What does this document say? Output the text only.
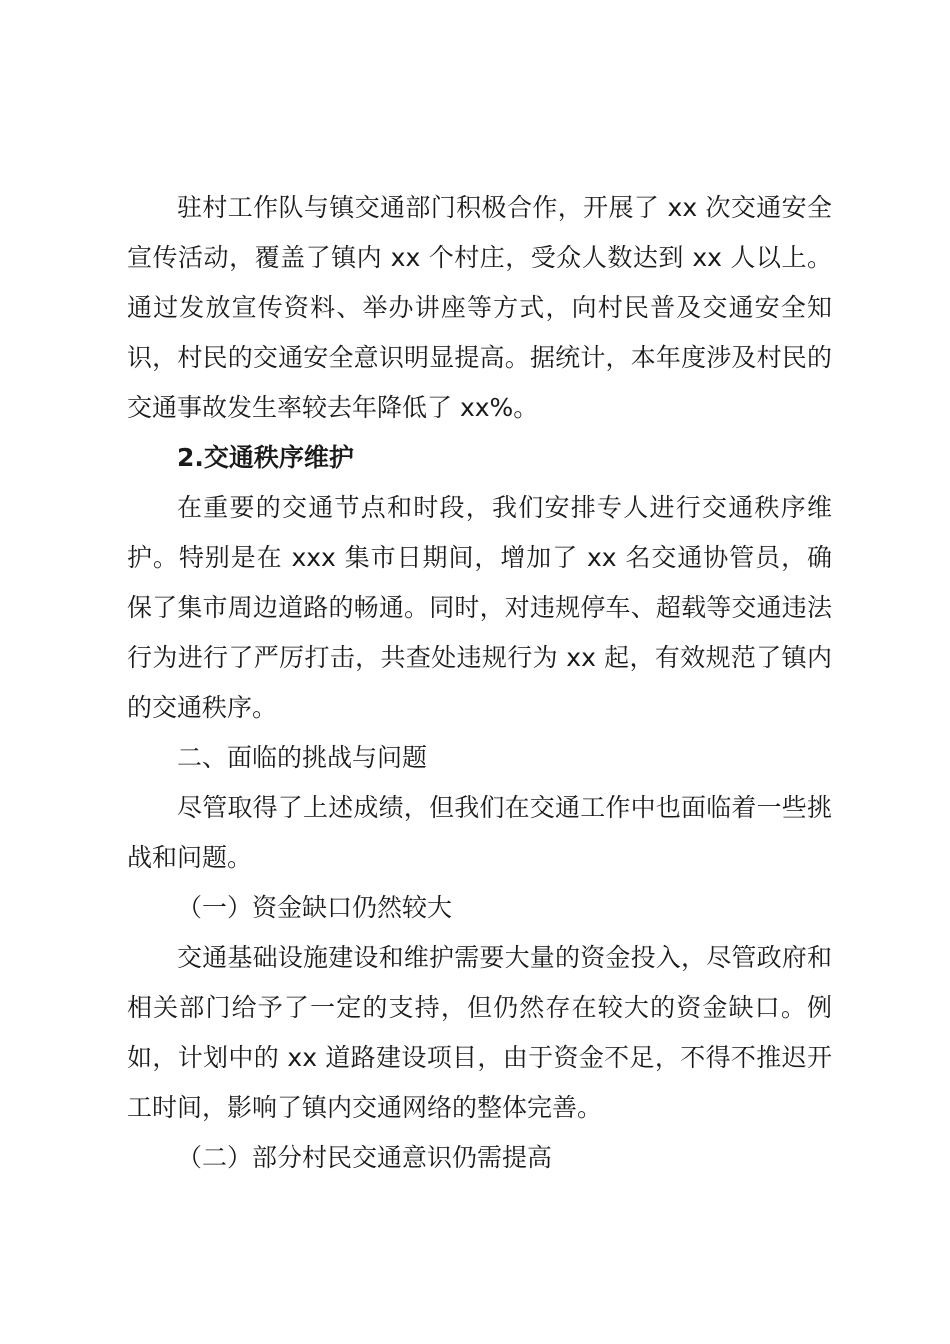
驻村工作队与镇交通部门积极合作，开展了 xx 次交通安全宣传活动，覆盖了镇内 xx 个村庄，受众人数达到 xx 人以上。通过发放宣传资料、举办讲座等方式，向村民普及交通安全知识，村民的交通安全意识明显提高。据统计，本年度涉及村民的交通事故发生率较去年降低了 xx%。

2.交通秩序维护

在重要的交通节点和时段，我们安排专人进行交通秩序维护。特别是在 xxx 集市日期间，增加了 xx 名交通协管员，确保了集市周边道路的畅通。同时，对违规停车、超载等交通违法行为进行了严厉打击，共查处违规行为 xx 起，有效规范了镇内的交通秩序。

二、面临的挑战与问题

尽管取得了上述成绩，但我们在交通工作中也面临着一些挑战和问题。

（一）资金缺口仍然较大

交通基础设施建设和维护需要大量的资金投入，尽管政府和相关部门给予了一定的支持，但仍然存在较大的资金缺口。例如，计划中的 xx 道路建设项目，由于资金不足，不得不推迟开工时间，影响了镇内交通网络的整体完善。

（二）部分村民交通意识仍需提高
